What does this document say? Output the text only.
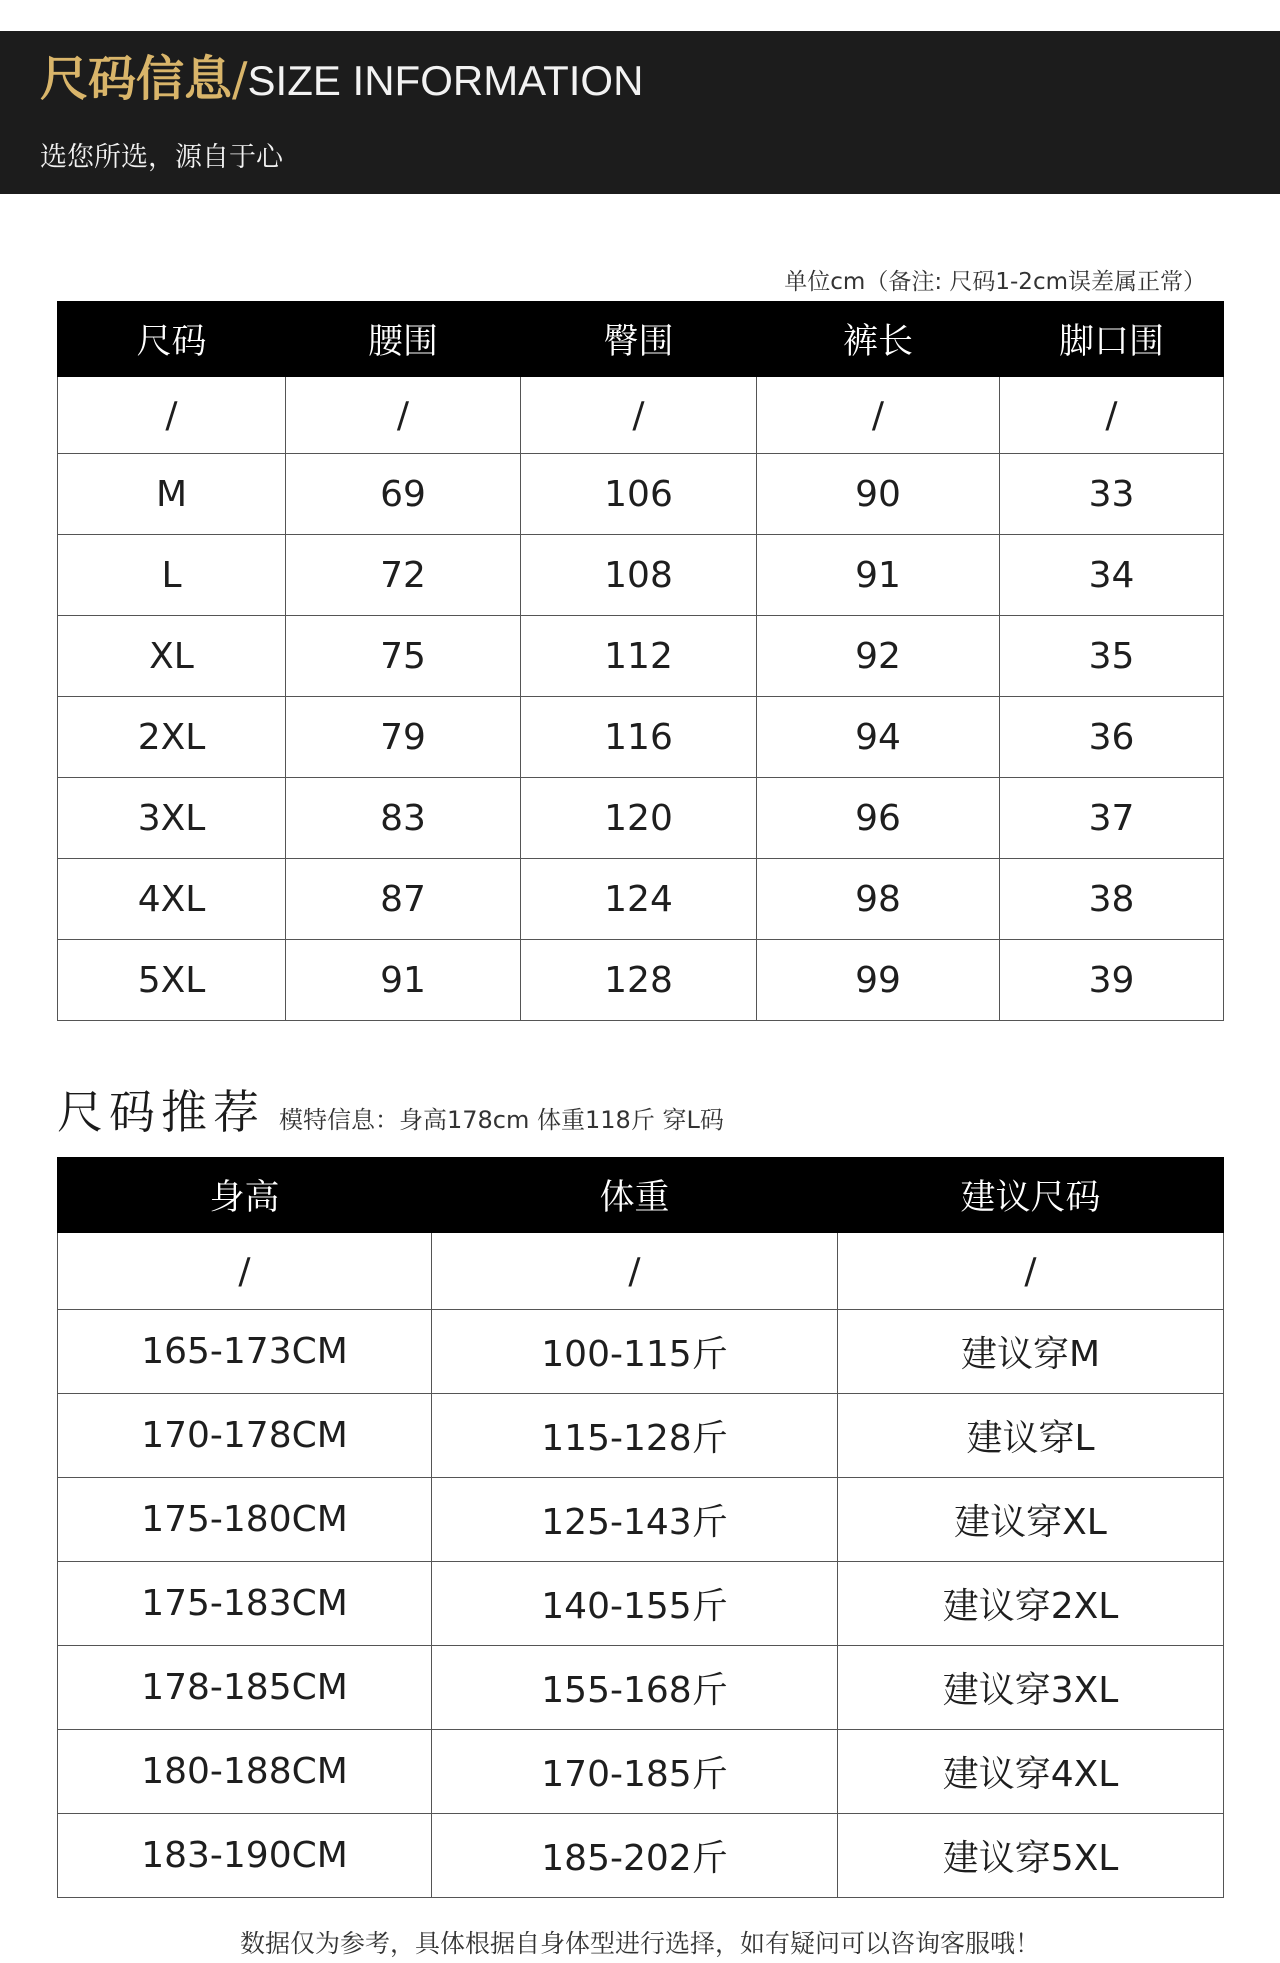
尺码信息/SIZE INFORMATION
选您所选，源自于心
单位cm（备注: 尺码1-2cm误差属正常）
尺码	腰围	臀围	裤长	脚口围
/	/	/	/	/
M	69	106	90	33
L	72	108	91	34
XL	75	112	92	35
2XL	79	116	94	36
3XL	83	120	96	37
4XL	87	124	98	38
5XL	91	128	99	39
尺码推荐 模特信息：身高178cm 体重118斤 穿L码
身高	体重	建议尺码
/	/	/
165-173CM	100-115斤	建议穿M
170-178CM	115-128斤	建议穿L
175-180CM	125-143斤	建议穿XL
175-183CM	140-155斤	建议穿2XL
178-185CM	155-168斤	建议穿3XL
180-188CM	170-185斤	建议穿4XL
183-190CM	185-202斤	建议穿5XL
数据仅为参考，具体根据自身体型进行选择，如有疑问可以咨询客服哦！
